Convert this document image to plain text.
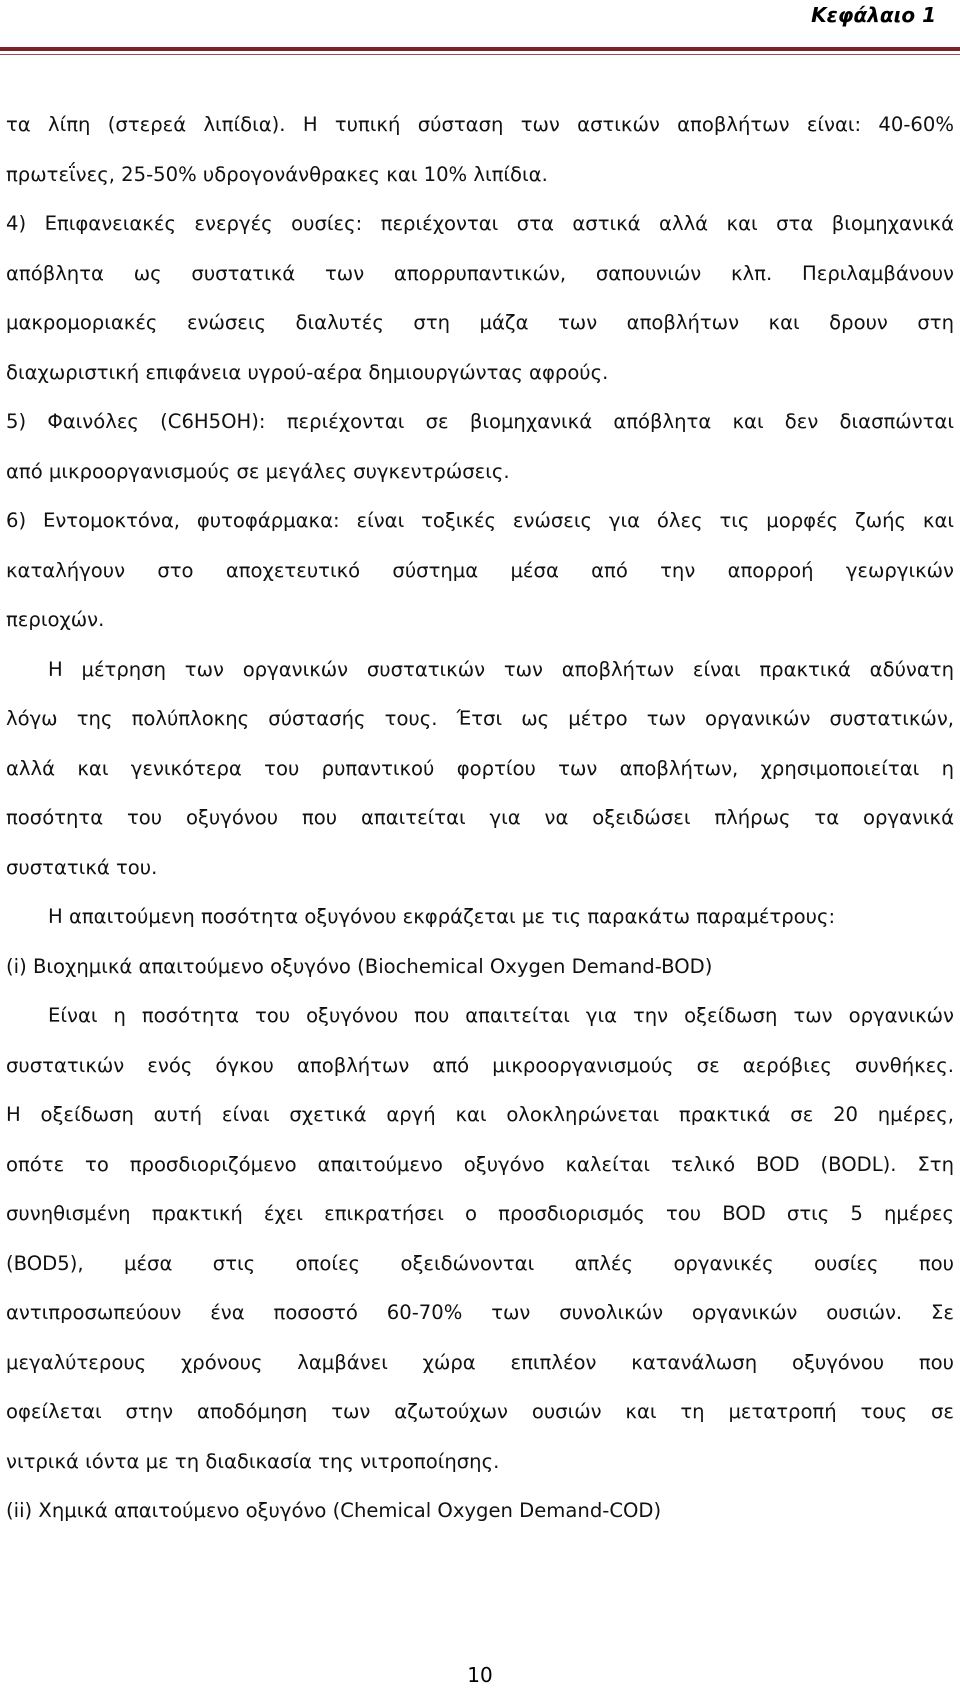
Κεφάλαιο 1
τα λίπη (στερεά λιπίδια). Η τυπική σύσταση των αστικών αποβλήτων είναι: 40-60%
πρωτεΐνες, 25-50% υδρογονάνθρακες και 10% λιπίδια.
4) Επιφανειακές ενεργές ουσίες: περιέχονται στα αστικά αλλά και στα βιομηχανικά
απόβλητα ως συστατικά των απορρυπαντικών, σαπουνιών κλπ. Περιλαμβάνουν
μακρομοριακές ενώσεις διαλυτές στη μάζα των αποβλήτων και δρουν στη
διαχωριστική επιφάνεια υγρού-αέρα δημιουργώντας αφρούς.
5) Φαινόλες (C6H5OH): περιέχονται σε βιομηχανικά απόβλητα και δεν διασπώνται
από μικροοργανισμούς σε μεγάλες συγκεντρώσεις.
6) Εντομοκτόνα, φυτοφάρμακα: είναι τοξικές ενώσεις για όλες τις μορφές ζωής και
καταλήγουν στο αποχετευτικό σύστημα μέσα από την απορροή γεωργικών
περιοχών.
Η μέτρηση των οργανικών συστατικών των αποβλήτων είναι πρακτικά αδύνατη
λόγω της πολύπλοκης σύστασής τους. Έτσι ως μέτρο των οργανικών συστατικών,
αλλά και γενικότερα του ρυπαντικού φορτίου των αποβλήτων, χρησιμοποιείται η
ποσότητα του οξυγόνου που απαιτείται για να οξειδώσει πλήρως τα οργανικά
συστατικά του.
Η απαιτούμενη ποσότητα οξυγόνου εκφράζεται με τις παρακάτω παραμέτρους:
(i) Βιοχημικά απαιτούμενο οξυγόνο (Biochemical Oxygen Demand-BOD)
Είναι η ποσότητα του οξυγόνου που απαιτείται για την οξείδωση των οργανικών
συστατικών ενός όγκου αποβλήτων από μικροοργανισμούς σε αερόβιες συνθήκες.
Η οξείδωση αυτή είναι σχετικά αργή και ολοκληρώνεται πρακτικά σε 20 ημέρες,
οπότε το προσδιοριζόμενο απαιτούμενο οξυγόνο καλείται τελικό BOD (BODL). Στη
συνηθισμένη πρακτική έχει επικρατήσει ο προσδιορισμός του BOD στις 5 ημέρες
(BOD5), μέσα στις οποίες οξειδώνονται απλές οργανικές ουσίες που
αντιπροσωπεύουν ένα ποσοστό 60-70% των συνολικών οργανικών ουσιών. Σε
μεγαλύτερους χρόνους λαμβάνει χώρα επιπλέον κατανάλωση οξυγόνου που
οφείλεται στην αποδόμηση των αζωτούχων ουσιών και τη μετατροπή τους σε
νιτρικά ιόντα με τη διαδικασία της νιτροποίησης.
(ii) Χημικά απαιτούμενο οξυγόνο (Chemical Oxygen Demand-COD)
10
